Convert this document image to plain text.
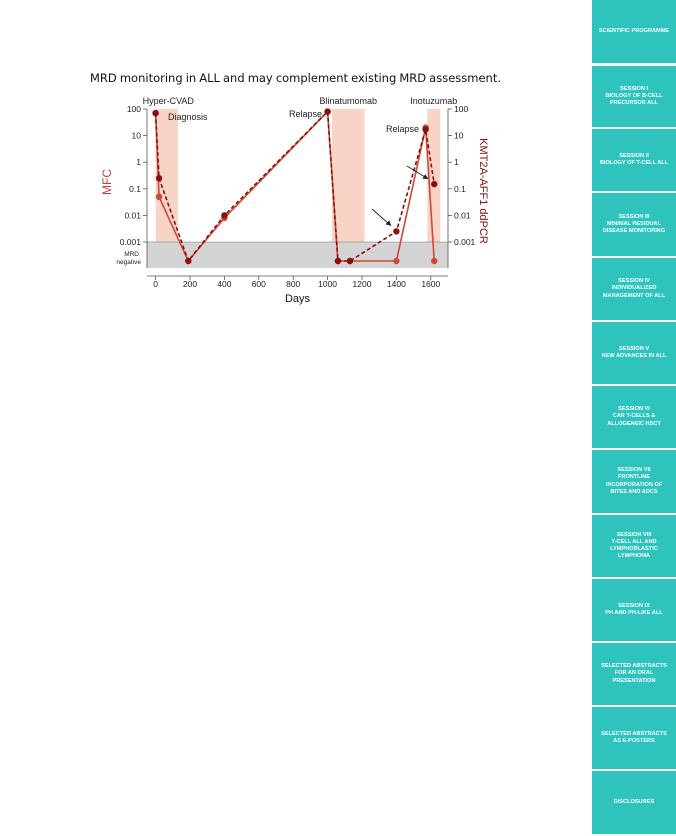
MRD monitoring in ALL and may complement existing MRD assessment.
Hyper-CVAD	Blinatumomab	Inotuzumab
100
10
1
0.1
0.01
0.001
100
10
1
0.1
0.01
0.001
MRD
negative
0	200 400 600 800 1000 1200 1400 1600
Days
MFC	KMT2A-AFF1 ddPCR
Diagnosis	Relapse
Relapse
SCIENTIFIC PROGRAMME
SESSION I
BIOLOGY OF B-CELL
PRECURSOR ALL
SESSION II
BIOLOGY OF T-CELL ALL
SESSION III
MINIMAL RESIDUAL
DISEASE MONITORING
SESSION IV
INDIVIDUALIZED
MANAGEMENT OF ALL
SESSION V
NEW ADVANCES IN ALL
SESSION VI
CAR T-CELLS &
ALLOGENEIC HSCT
SESSION VII
FRONTLINE
INCORPORATION OF
BITES AND ADCS
SESSION VIII
T-CELL ALL AND
LYMPHOBLASTIC
LYMPHOMA
SESSION IX
PH AND PH-LIKE ALL
SELECTED ABSTRACTS
FOR AN ORAL
PRESENTATION
SELECTED ABSTRACTS
AS E-POSTERS
DISCLOSURES
